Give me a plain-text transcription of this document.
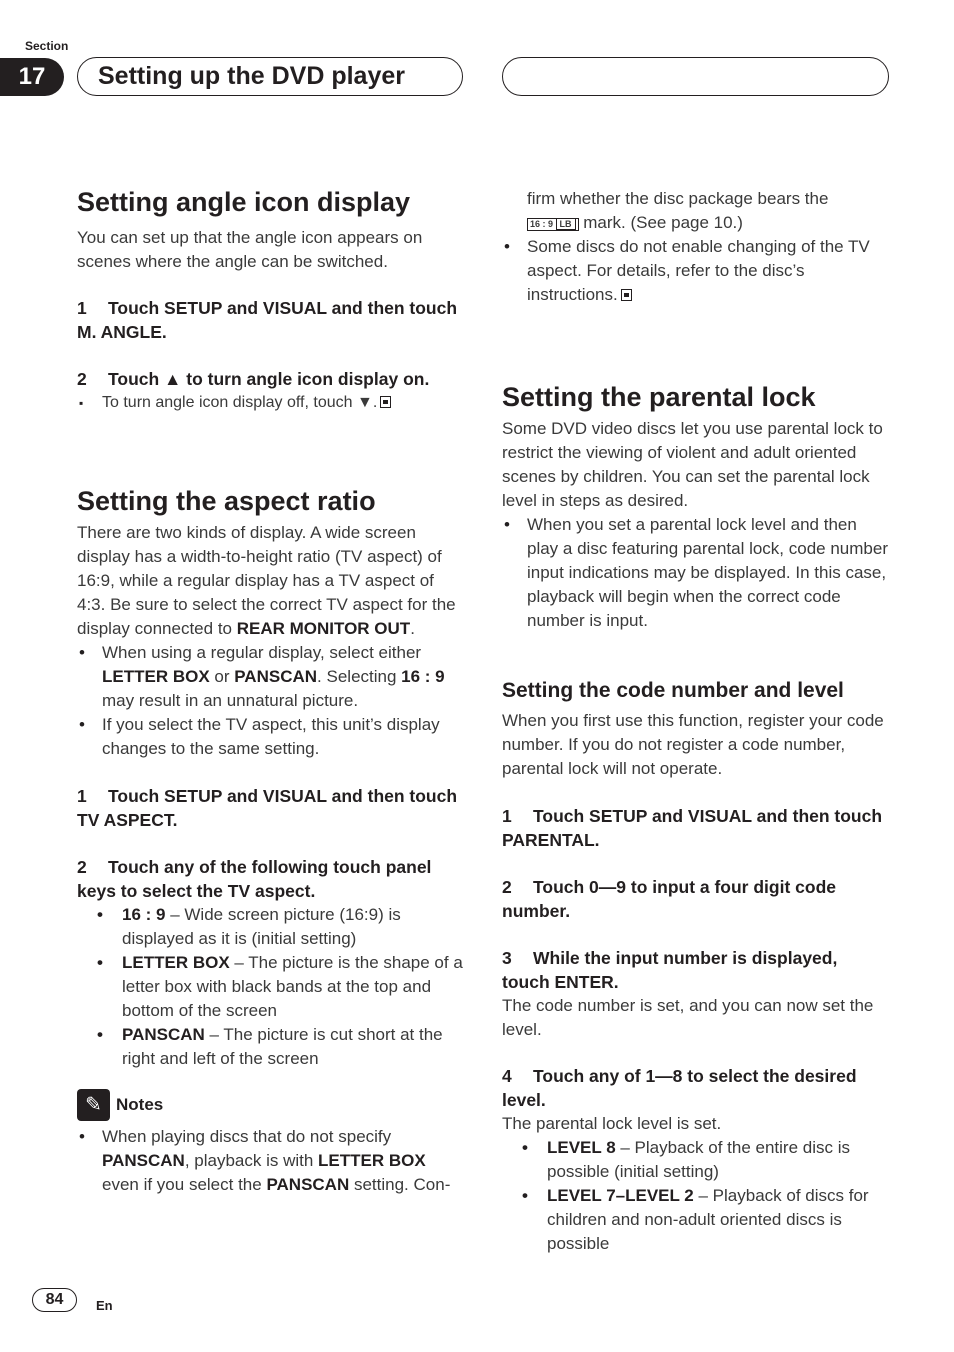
Section
17	Setting up the DVD player
Setting angle icon display

You can set up that the angle icon appears on scenes where the angle can be switched.

1 Touch SETUP and VISUAL and then touch M. ANGLE.

2 Touch ▲ to turn angle icon display on.

▪ To turn angle icon display off, touch ▼.
Setting the aspect ratio

There are two kinds of display. A wide screen display has a width-to-height ratio (TV aspect) of 16:9, while a regular display has a TV aspect of 4:3. Be sure to select the correct TV aspect for the display connected to REAR MONITOR OUT.

• When using a regular display, select either LETTER BOX or PANSCAN. Selecting 16 : 9 may result in an unnatural picture.
• If you select the TV aspect, this unit’s display changes to the same setting.

1 Touch SETUP and VISUAL and then touch TV ASPECT.

2 Touch any of the following touch panel keys to select the TV aspect.

• 16 : 9 – Wide screen picture (16:9) is displayed as it is (initial setting)
• LETTER BOX – The picture is the shape of a letter box with black bands at the top and bottom of the screen
• PANSCAN – The picture is cut short at the right and left of the screen
✎ Notes
• When playing discs that do not specify PANSCAN, playback is with LETTER BOX even if you select the PANSCAN setting. Con-
firm whether the disc package bears the
16 : 9 LB mark. (See page 10.)
• Some discs do not enable changing of the TV aspect. For details, refer to the disc’s instructions.
Setting the parental lock

Some DVD video discs let you use parental lock to restrict the viewing of violent and adult oriented scenes by children. You can set the parental lock level in steps as desired.

• When you set a parental lock level and then play a disc featuring parental lock, code number input indications may be displayed. In this case, playback will begin when the correct code number is input.
Setting the code number and level

When you first use this function, register your code number. If you do not register a code number, parental lock will not operate.

1 Touch SETUP and VISUAL and then touch PARENTAL.

2 Touch 0—9 to input a four digit code number.

3 While the input number is displayed, touch ENTER.

The code number is set, and you can now set the level.

4 Touch any of 1—8 to select the desired level.

The parental lock level is set.

• LEVEL 8 – Playback of the entire disc is possible (initial setting)
• LEVEL 7–LEVEL 2 – Playback of discs for children and non-adult oriented discs is possible
84	En
